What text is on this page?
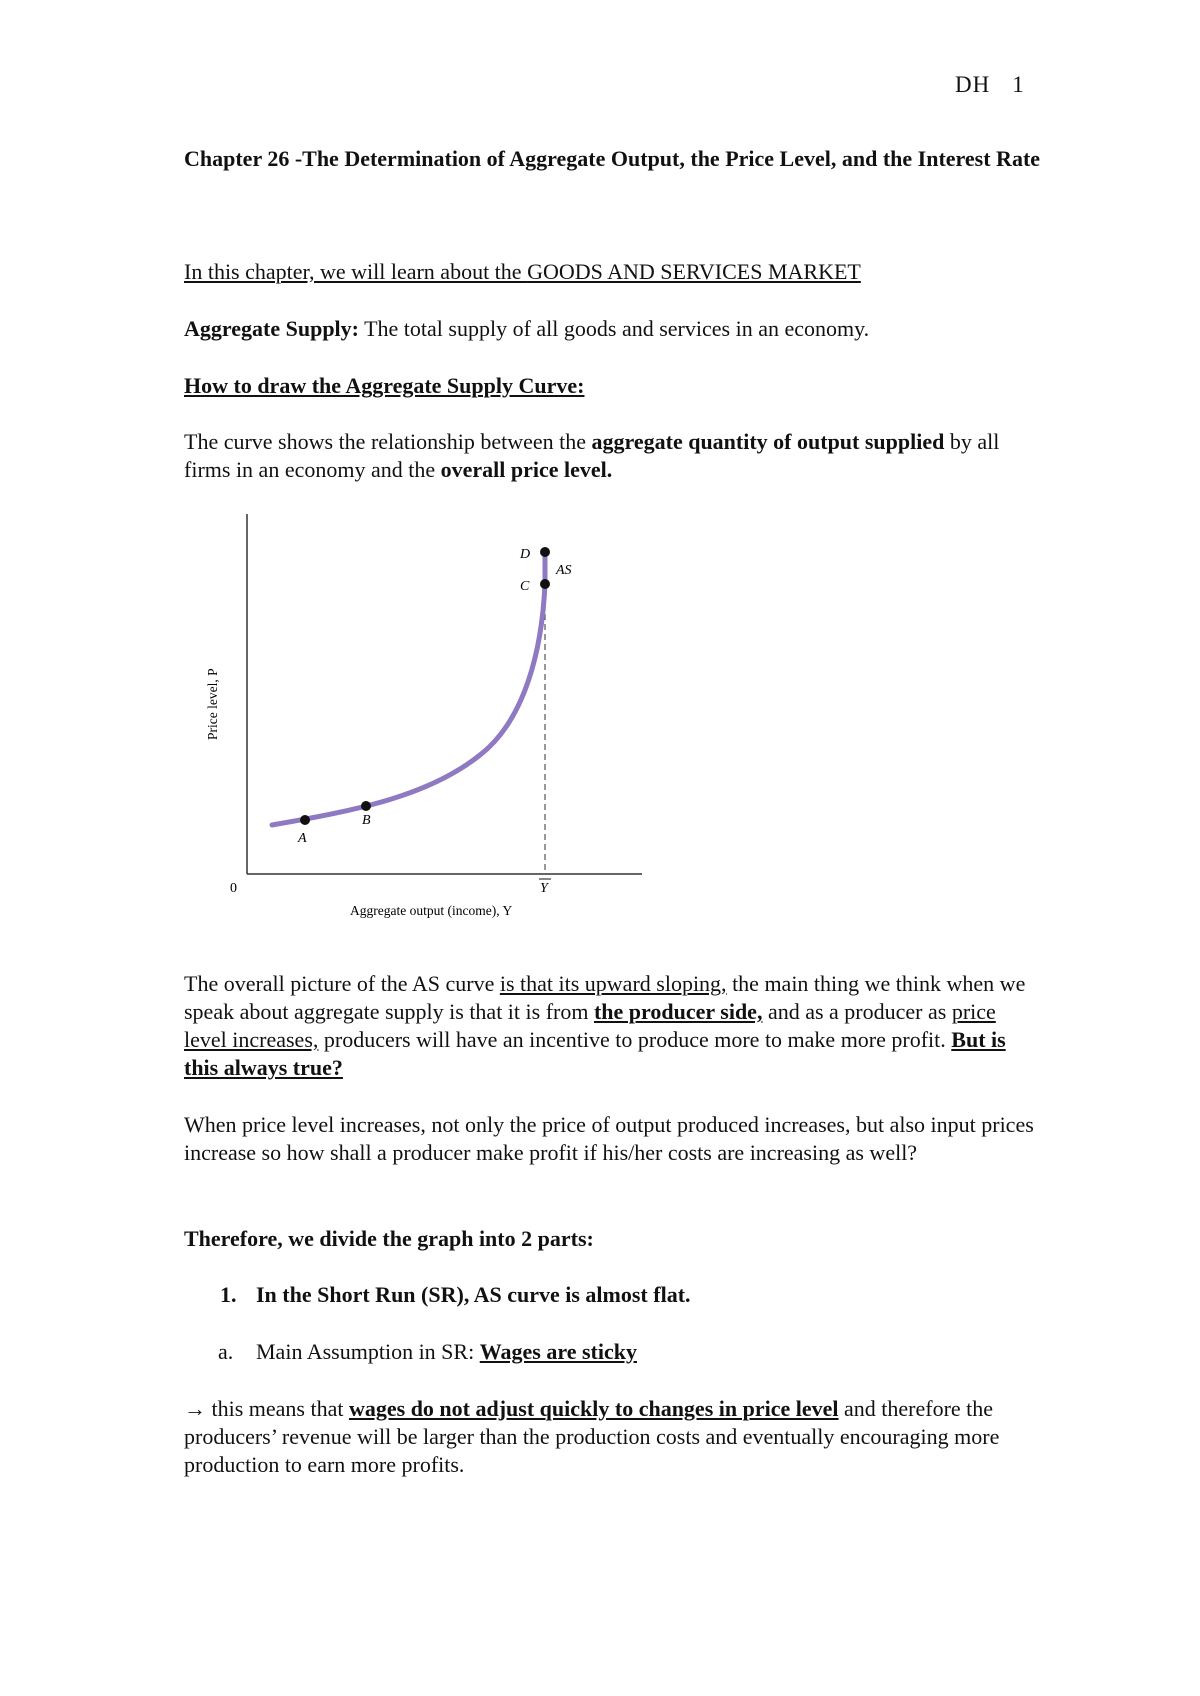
DH 1
Chapter 26 -The Determination of Aggregate Output, the Price Level, and the Interest Rate
In this chapter, we will learn about the GOODS AND SERVICES MARKET
Aggregate Supply: The total supply of all goods and services in an economy.
How to draw the Aggregate Supply Curve:
The curve shows the relationship between the aggregate quantity of output supplied by all firms in an economy and the overall price level.
A
B
C
D
AS
0	Y
Aggregate output (income), Y
Price level, P
The overall picture of the AS curve is that its upward sloping, the main thing we think when we speak about aggregate supply is that it is from the producer side, and as a producer as price level increases, producers will have an incentive to produce more to make more profit. But is this always true?
When price level increases, not only the price of output produced increases, but also input prices increase so how shall a producer make profit if his/her costs are increasing as well?
Therefore, we divide the graph into 2 parts:
1. In the Short Run (SR), AS curve is almost flat.
a. Main Assumption in SR: Wages are sticky
→ this means that wages do not adjust quickly to changes in price level and therefore the producers’ revenue will be larger than the production costs and eventually encouraging more production to earn more profits.
